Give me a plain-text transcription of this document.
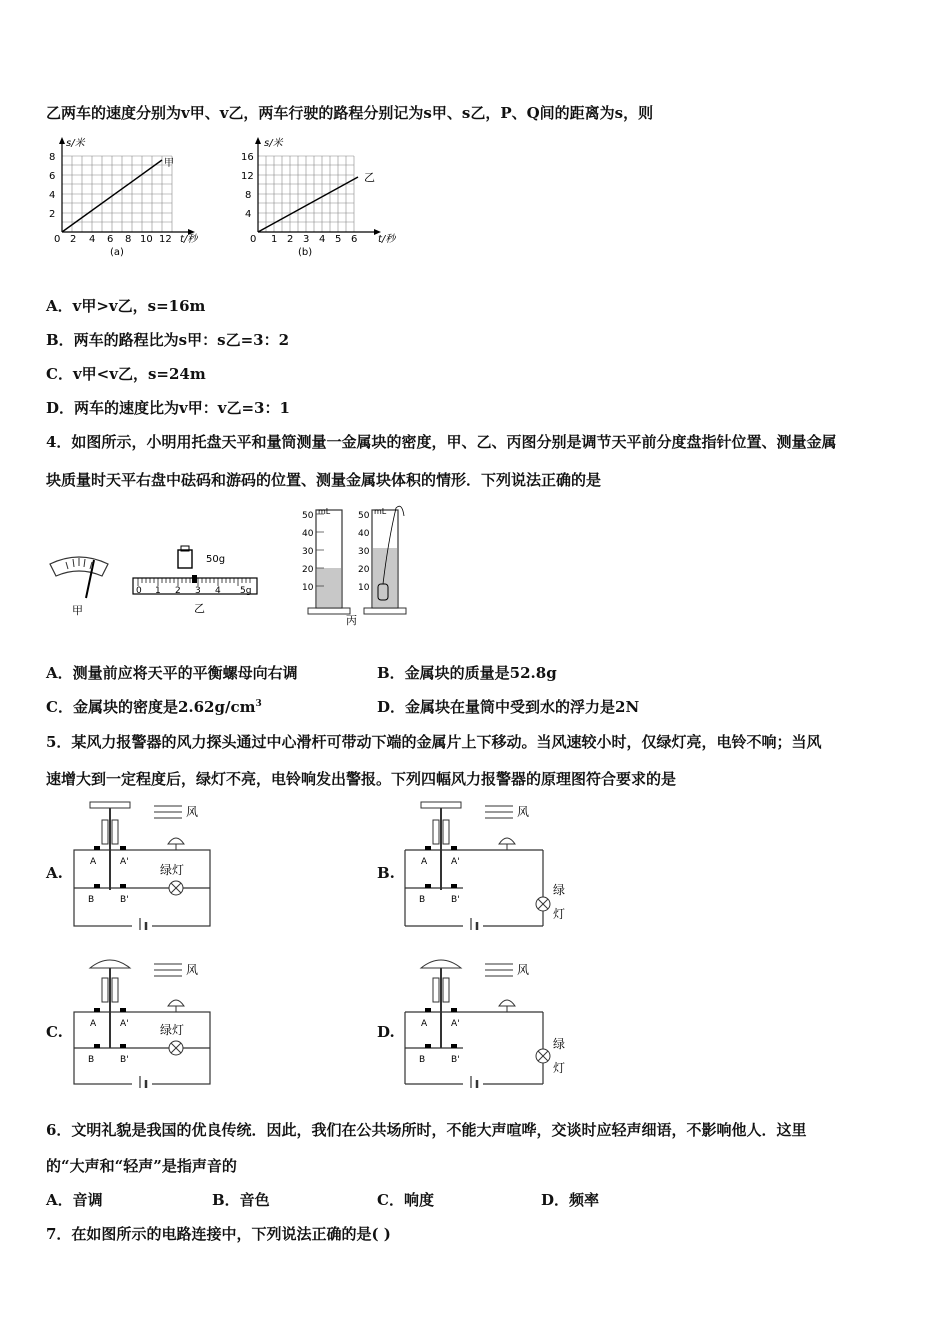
乙两车的速度分别为v甲、v乙，两车行驶的路程分别记为s甲、s乙，P、Q间的距离为s，则
s/米
甲
8
6
4
2
0 2 4 6 8 10 12 t/秒
(a)
s/米
乙
16
12
8
4
0 1 2 3 4 5 6 t/秒
(b)
A．v甲>v乙，s=16m
B．两车的路程比为s甲：s乙=3：2
C．v甲<v乙，s=24m
D．两车的速度比为v甲：v乙=3：1
4．如图所示，小明用托盘天平和量筒测量一金属块的密度，甲、乙、丙图分别是调节天平前分度盘指针位置、测量金属
块质量时天平右盘中砝码和游码的位置、测量金属块体积的情形．下列说法正确的是
甲
50g
0 1 2 3 4 5g
乙
mL
50
40
30
20
10
mL
50
40
30
20
10
丙
A．测量前应将天平的平衡螺母向右调	B．金属块的质量是52.8g
C．金属块的密度是$2.62g/cm^3$	D．金属块在量筒中受到水的浮力是2N
5．某风力报警器的风力探头通过中心滑杆可带动下端的金属片上下移动。当风速较小时，仅绿灯亮，电铃不响；当风
速增大到一定程度后，绿灯不亮，电铃响发出警报。下列四幅风力报警器的原理图符合要求的是
A.	B.
C.	D.
风
A	A'
B	B'
绿灯
风
A	A'
B	B'
绿
灯
风
A	A'
B	B'
绿灯
风
A	A'
B	B'
绿
灯
6．文明礼貌是我国的优良传统．因此，我们在公共场所时，不能大声喧哗，交谈时应轻声细语，不影响他人．这里
的“大声和“轻声”是指声音的
A．音调	B．音色	C．响度	D．频率
7．在如图所示的电路连接中，下列说法正确的是( )
